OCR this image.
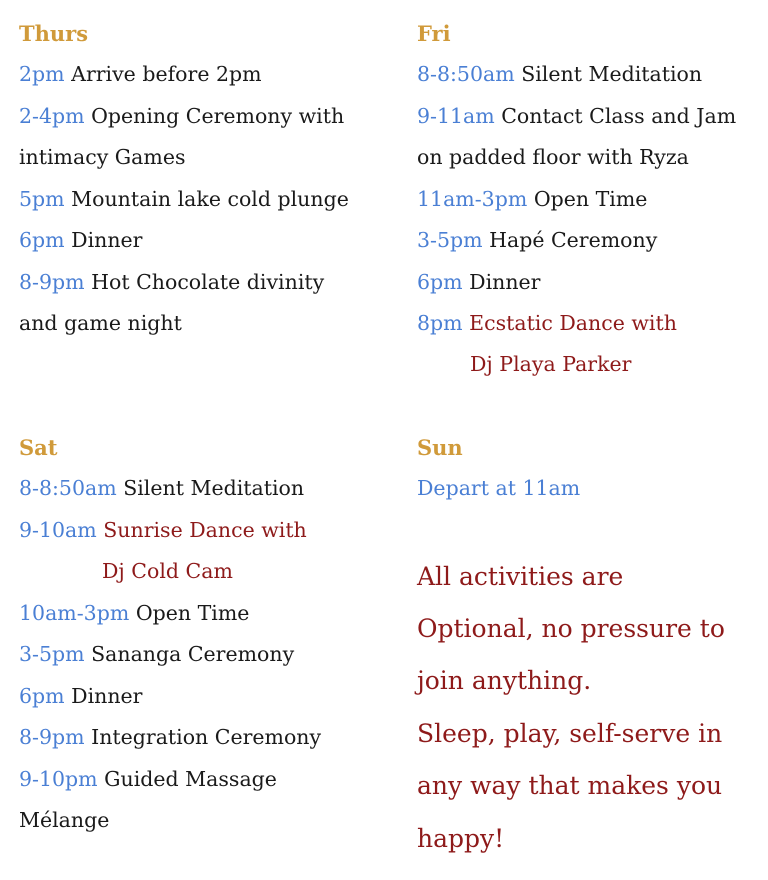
Thurs
2pm Arrive before 2pm
2-4pm Opening Ceremony with
intimacy Games
5pm Mountain lake cold plunge
6pm Dinner
8-9pm Hot Chocolate divinity
and game night
Fri
8-8:50am Silent Meditation
9-11am Contact Class and Jam
on padded floor with Ryza
11am-3pm Open Time
3-5pm Hapé Ceremony
6pm Dinner
8pm Ecstatic Dance with
Dj Playa Parker
Sat
8-8:50am Silent Meditation
9-10am Sunrise Dance with
Dj Cold Cam
10am-3pm Open Time
3-5pm Sananga Ceremony
6pm Dinner
8-9pm Integration Ceremony
9-10pm Guided Massage
Mélange
Sun
Depart at 11am
All activities are
Optional, no pressure to
join anything.
Sleep, play, self-serve in
any way that makes you
happy!
